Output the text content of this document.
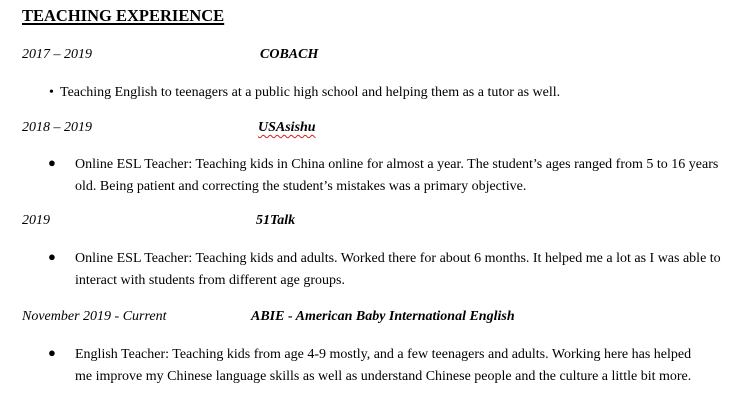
TEACHING EXPERIENCE
2017 – 2019	COBACH
• Teaching English to teenagers at a public high school and helping them as a tutor as well.
2018 – 2019	USAsishu
● Online ESL Teacher: Teaching kids in China online for almost a year. The student’s ages ranged from 5 to 16 years old. Being patient and correcting the student’s mistakes was a primary objective.
2019	51Talk
● Online ESL Teacher: Teaching kids and adults. Worked there for about 6 months. It helped me a lot as I was able to interact with students from different age groups.
November 2019 - Current	ABIE - American Baby International English
● English Teacher: Teaching kids from age 4-9 mostly, and a few teenagers and adults. Working here has helped me improve my Chinese language skills as well as understand Chinese people and the culture a little bit more.
